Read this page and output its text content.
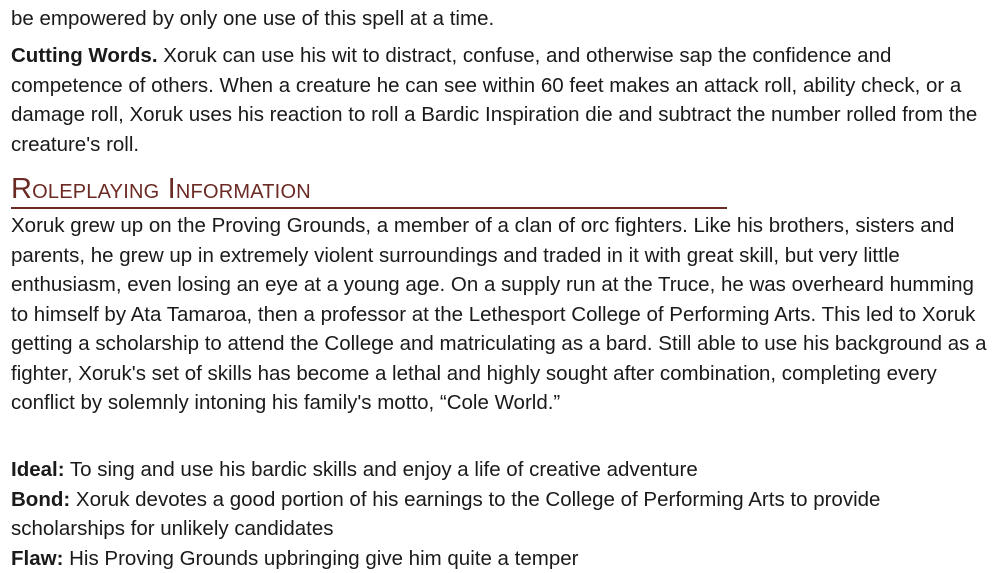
be empowered by only one use of this spell at a time.

Cutting Words. Xoruk can use his wit to distract, confuse, and otherwise sap the confidence and competence of others. When a creature he can see within 60 feet makes an attack roll, ability check, or a damage roll, Xoruk uses his reaction to roll a Bardic Inspiration die and subtract the number rolled from the creature's roll.

Roleplaying Information

Xoruk grew up on the Proving Grounds, a member of a clan of orc fighters. Like his brothers, sisters and parents, he grew up in extremely violent surroundings and traded in it with great skill, but very little enthusiasm, even losing an eye at a young age. On a supply run at the Truce, he was overheard humming to himself by Ata Tamaroa, then a professor at the Lethesport College of Performing Arts. This led to Xoruk getting a scholarship to attend the College and matriculating as a bard. Still able to use his background as a fighter, Xoruk's set of skills has become a lethal and highly sought after combination, completing every conflict by solemnly intoning his family's motto, “Cole World.”

Ideal: To sing and use his bardic skills and enjoy a life of creative adventure
Bond: Xoruk devotes a good portion of his earnings to the College of Performing Arts to provide scholarships for unlikely candidates
Flaw: His Proving Grounds upbringing give him quite a temper
